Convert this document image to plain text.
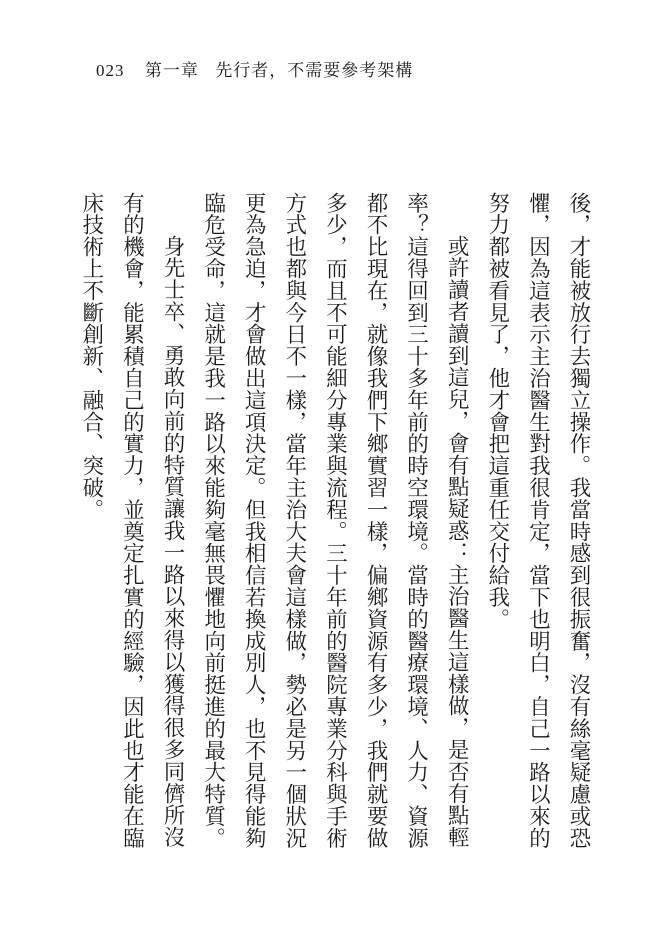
023 第一章 先行者，不需要參考架構

後，才能被放行去獨立操作。我當時感到很振奮，沒有絲毫疑慮或恐懼，因為這表示主治醫生對我很肯定，當下也明白，自己一路以來的努力都被看見了，他才會把這重任交付給我。

或許讀者讀到這兒，會有點疑惑：主治醫生這樣做，是否有點輕率？這得回到三十多年前的時空環境。當時的醫療環境、人力、資源都不比現在，就像我們下鄉實習一樣，偏鄉資源有多少，我們就要做多少，而且不可能細分專業與流程。三十年前的醫院專業分科與手術方式也都與今日不一樣，當年主治大夫會這樣做，勢必是另一個狀況更為急迫，才會做出這項決定。但我相信若換成別人，也不見得能夠臨危受命，這就是我一路以來能夠毫無畏懼地向前挺進的最大特質。

身先士卒、勇敢向前的特質讓我一路以來得以獲得很多同儕所沒有的機會，能累積自己的實力，並奠定扎實的經驗，因此也才能在臨床技術上不斷創新、融合、突破。
